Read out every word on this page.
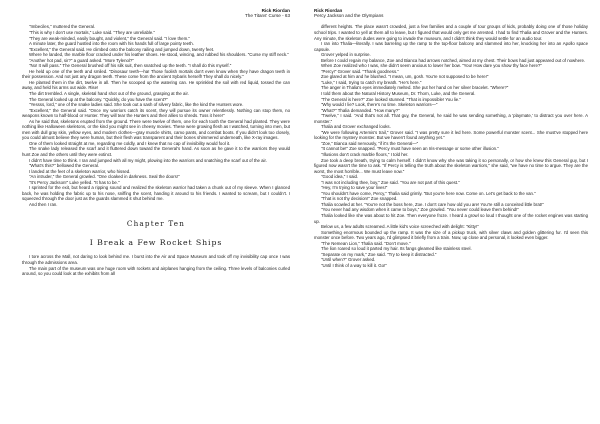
Rick Riordan
The Titans' Curse - 63

"Imbeciles," muttered the General.

"This is why I don't use mortals," Luke said. "They are unreliable."

"They are weak-minded, easily bought, and violent," the General said. "I love them."

A minute later, the guard hustled into the room with his hands full of large pointy teeth.

"Excellent," the General said. He climbed onto the balcony railing and jumped down, twenty feet.

Where he landed, the marble floor cracked under his leather shoes. He stood, wincing, and rubbed his shoulders. "Curse my stiff neck."

"Another hot pad, sir?" a guard asked. "More Tylenol?"

"No! It will pass." The General brushed off his silk suit, then snatched up the teeth. "I shall do this myself."

He held up one of the teeth and smiled. "Dinosaur teeth—ha! Those foolish mortals don't even know when they have dragon teeth in their possession. And not just any dragon teeth. These come from the ancient Sybaris herself! They shall do nicely."

He planted them in the dirt, twelve in all. Then he scooped up the watering can. He sprinkled the soil with red liquid, tossed the can away, and held his arms out wide. Rise!

The dirt trembled. A single, skeletal hand shot out of the ground, grasping at the air.

The General looked up at the balcony. "Quickly, do you have the scent?"

"Yessss, lord," one of the snake ladies said. She took out a sash of silvery fabric, like the kind the Hunters wore.

"Excellent," the General said. "Once my warriors catch its scent, they will pursue its owner relentlessly. Nothing can stop them, no weapons known to half-blood or Hunter. They will tear the Hunters and their allies to shreds. Toss it here!"

As he said that, skeletons erupted from the ground. There were twelve of them, one for each tooth the General had planted. They were nothing like Halloween skeletons, or the kind you might see in cheesy movies. These were growing flesh as I watched, turning into men, but men with dull gray skin, yellow eyes, and modern clothes—gray muscle shirts, camo pants, and combat boots. If you didn't look too closely, you could almost believe they were human, but their flesh was transparent and their bones shimmered underneath, like X-ray images.

One of them looked straight at me, regarding me coldly, and I knew that no cap of invisibility would fool it.

The snake lady released the scarf and it fluttered down toward the General's hand. As soon as he gave it to the warriors they would hunt Zoe and the others until they were extinct.

I didn't have time to think. I ran and jumped with all my might, plowing into the warriors and snatching the scarf out of the air.

"What's this?" bellowed the General.

I landed at the feet of a skeleton warrior, who hissed.

"An intruder," the General growled. "One cloaked in darkness. Seal the doors!"

"It's Percy Jackson!" Luke yelled. "It has to be."

I sprinted for the exit, but heard a ripping sound and realized the skeleton warrior had taken a chunk out of my sleeve. When I glanced back, he was holding the fabric up to his nose, sniffing the scent, handing it around to his friends. I wanted to scream, but I couldn't. I squeezed through the door just as the guards slammed it shut behind me.

And then I ran.

Chapter Ten
I Break a Few Rocket Ships

I tore across the Mall, not daring to look behind me. I burst into the Air and Space Museum and took off my invisibility cap once I was through the admissions area.

The main part of the museum was one huge room with rockets and airplanes hanging from the ceiling. Three levels of balconies curled around, so you could look at the exhibits from all

Rick Riordan
Percy Jackson and the Olympians

different heights. The place wasn't crowded, just a few families and a couple of tour groups of kids, probably doing one of those holiday school trips. I wanted to yell at them all to leave, but I figured that would only get me arrested. I had to find Thalia and Grover and the Hunters. Any minute, the skeleton dudes were going to invade the museum, and I didn't think they would settle for an audio tour.

I ran into Thalia—literally. I was barreling up the ramp to the top-floor balcony and slammed into her, knocking her into an Apollo space capsule.

Grover yelped in surprise.

Before I could regain my balance, Zoe and Bianca had arrows notched, aimed at my chest. Their bows had just appeared out of nowhere.

When Zoe realized who I was, she didn't seem anxious to lower her bow. "You! How dare you show thy face here?"

"Percy!" Grover said. "Thank goodness."

Zoe glared at him and he blushed. "I mean, um, gosh. You're not supposed to be here!"

"Luke," I said, trying to catch my breath. "He's here."

The anger in Thalia's eyes immediately melted. She put her hand on her silver bracelet. "Where?"

I told them about the Natural History Museum, Dr. Thorn, Luke, and the General.

"The General is here?" Zoe looked stunned. "That is impossible! You lie."

"Why would I lie? Look, there's no time. Skeleton warriors—"

"What?" Thalia demanded. "How many?"

"Twelve," I said. "And that's not all. That guy, the General, he said he was sending something, a 'playmate,' to distract you over here. A monster."

Thalia and Grover exchanged looks.

"We were following Artemis's trail," Grover said. "I was pretty sure it led here. Some powerful monster scent... She must've stopped here looking for the mystery monster. But we haven't found anything yet."

"Zoe," Bianca said nervously, "if it's the General—"

"It cannot be!" Zoe snapped. "Percy must have seen an Iris-message or some other illusion."

"Illusions don't crack marble floors," I told her.

Zoe took a deep breath, trying to calm herself. I didn't know why she was taking it so personally, or how she knew this General guy, but I figured now wasn't the time to ask. "If Percy is telling the truth about the skeleton warriors," she said, "we have no time to argue. They are the worst, the most horrible... We must leave now."

"Good idea," I said.

"I was not including thee, boy," Zoe said. "You are not part of this quest."

"Hey, I'm trying to save your lives!"

"You shouldn't have come, Percy," Thalia said grimly. "But you're here now. Come on. Let's get back to the van."

"That is not thy decision!" Zoe snapped.

Thalia scowled at her. "You're not the boss here, Zoe. I don't care how old you are! You're still a conceited little brat!"

"You never had any wisdom when it came to boys," Zoe growled. "You never could leave them behind!"

Thalia looked like she was about to hit Zoe. Then everyone froze. I heard a growl so loud I thought one of the rocket engines was starting up.

Below us, a few adults screamed. A little kid's voice screeched with delight: "Kitty!"

Something enormous bounded up the ramp. It was the size of a pickup truck, with silver claws and golden glittering fur. I'd seen this monster once before. Two years ago, I'd glimpsed it briefly from a train. Now, up close and personal, it looked even bigger.

"The Nemean Lion," Thalia said. "Don't move."

The lion roared so loud it parted my hair. Its fangs gleamed like stainless steel.

"Separate on my mark," Zoe said. "Try to keep it distracted."

"Until when?" Grover asked.

"Until I think of a way to kill it. Go!"
